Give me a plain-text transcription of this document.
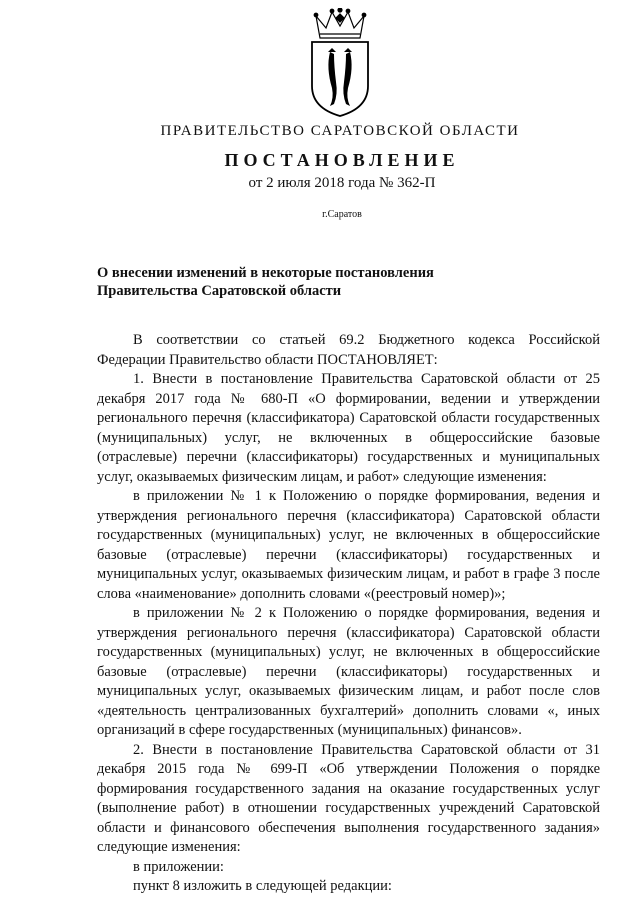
ПРАВИТЕЛЬСТВО САРАТОВСКОЙ ОБЛАСТИ
ПОСТАНОВЛЕНИЕ
от 2 июля 2018 года № 362-П
г.Саратов
О внесении изменений в некоторые постановления
Правительства Саратовской области

В соответствии со статьей 69.2 Бюджетного кодекса Российской Федерации Правительство области ПОСТАНОВЛЯЕТ:

1. Внести в постановление Правительства Саратовской области от 25 декабря 2017 года № 680-П «О формировании, ведении и утверждении регионального перечня (классификатора) Саратовской области государственных (муниципальных) услуг, не включенных в общероссийские базовые (отраслевые) перечни (классификаторы) государственных и муниципальных услуг, оказываемых физическим лицам, и работ» следующие изменения:

в приложении № 1 к Положению о порядке формирования, ведения и утверждения регионального перечня (классификатора) Саратовской области государственных (муниципальных) услуг, не включенных в общероссийские базовые (отраслевые) перечни (классификаторы) государственных и муниципальных услуг, оказываемых физическим лицам, и работ в графе 3 после слова «наименование» дополнить словами «(реестровый номер)»;

в приложении № 2 к Положению о порядке формирования, ведения и утверждения регионального перечня (классификатора) Саратовской области государственных (муниципальных) услуг, не включенных в общероссийские базовые (отраслевые) перечни (классификаторы) государственных и муниципальных услуг, оказываемых физическим лицам, и работ после слов «деятельность централизованных бухгалтерий» дополнить словами «, иных организаций в сфере государственных (муниципальных) финансов».

2. Внести в постановление Правительства Саратовской области от 31 декабря 2015 года № 699-П «Об утверждении Положения о порядке формирования государственного задания на оказание государственных услуг (выполнение работ) в отношении государственных учреждений Саратовской области и финансового обеспечения выполнения государственного задания» следующие изменения:

в приложении:

пункт 8 изложить в следующей редакции:
